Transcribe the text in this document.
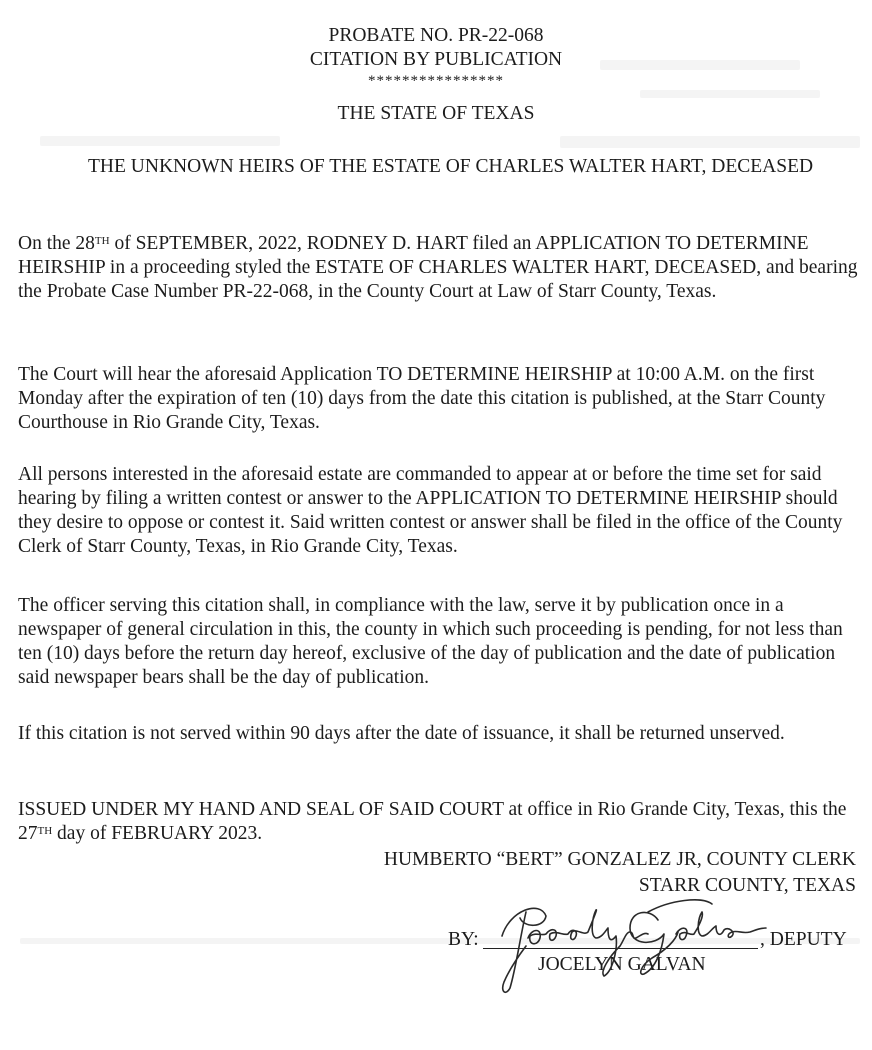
PROBATE NO. PR-22-068
CITATION BY PUBLICATION
****************
THE STATE OF TEXAS
THE UNKNOWN HEIRS OF THE ESTATE OF CHARLES WALTER HART, DECEASED
On the 28TH of SEPTEMBER, 2022, RODNEY D. HART filed an APPLICATION TO DETERMINE HEIRSHIP in a proceeding styled the ESTATE OF CHARLES WALTER HART, DECEASED, and bearing the Probate Case Number PR-22-068, in the County Court at Law of Starr County, Texas.
The Court will hear the aforesaid Application TO DETERMINE HEIRSHIP at 10:00 A.M. on the first Monday after the expiration of ten (10) days from the date this citation is published, at the Starr County Courthouse in Rio Grande City, Texas.
All persons interested in the aforesaid estate are commanded to appear at or before the time set for said hearing by filing a written contest or answer to the APPLICATION TO DETERMINE HEIRSHIP should they desire to oppose or contest it. Said written contest or answer shall be filed in the office of the County Clerk of Starr County, Texas, in Rio Grande City, Texas.
The officer serving this citation shall, in compliance with the law, serve it by publication once in a newspaper of general circulation in this, the county in which such proceeding is pending, for not less than ten (10) days before the return day hereof, exclusive of the day of publication and the date of publication said newspaper bears shall be the day of publication.
If this citation is not served within 90 days after the date of issuance, it shall be returned unserved.
ISSUED UNDER MY HAND AND SEAL OF SAID COURT at office in Rio Grande City, Texas, this the 27TH day of FEBRUARY 2023.
HUMBERTO “BERT” GONZALEZ JR, COUNTY CLERK
STARR COUNTY, TEXAS
BY:	, DEPUTY
JOCELYN GALVAN
Jocelyn Galvan
